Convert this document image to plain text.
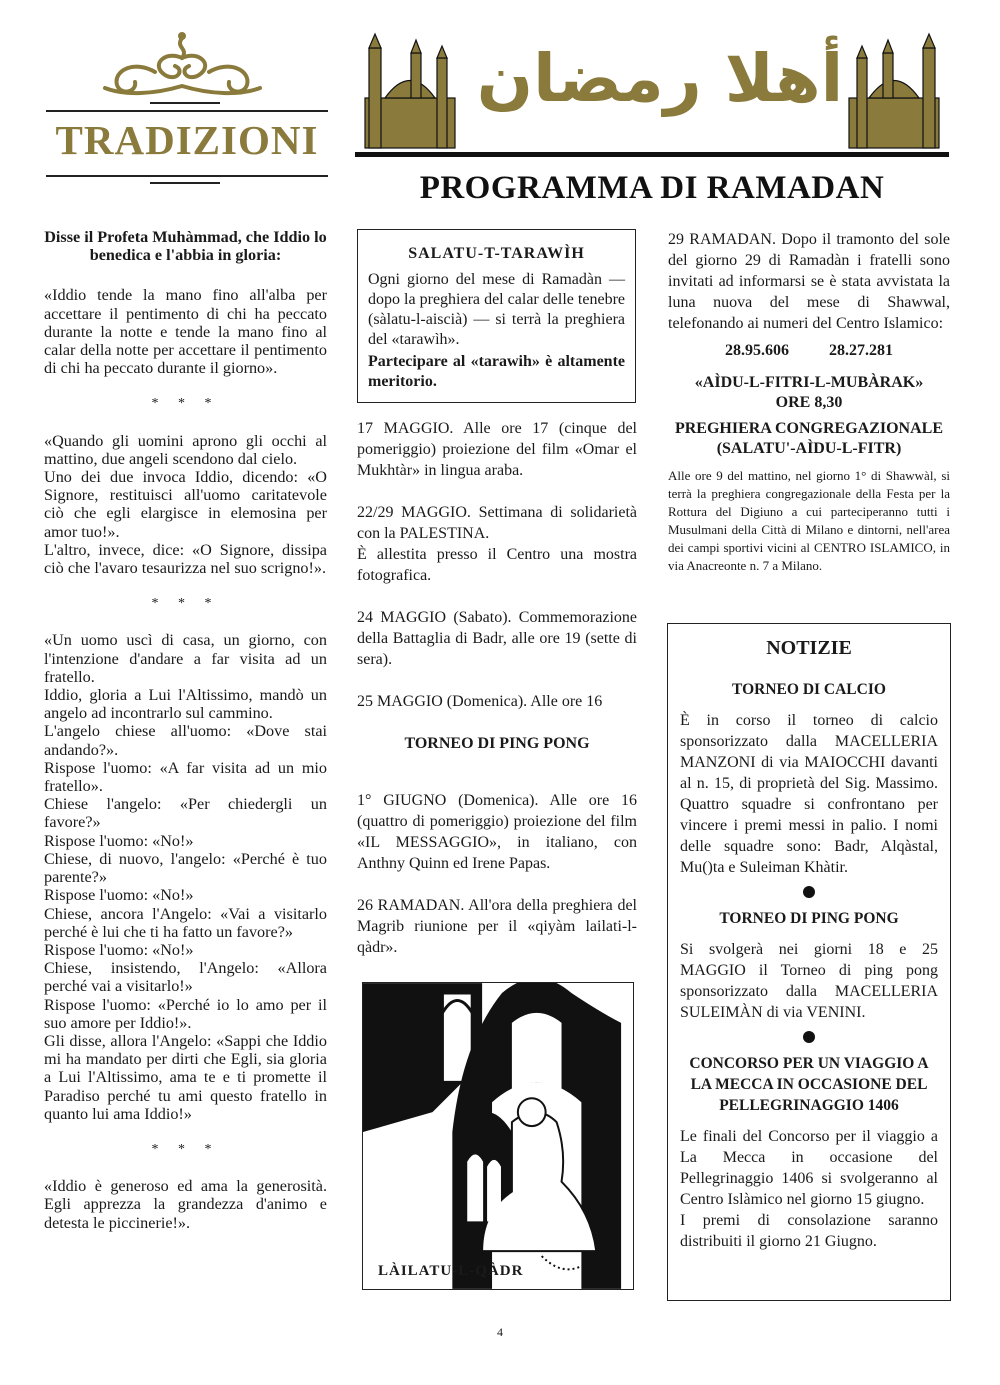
TRADIZIONI

Disse il Profeta Muhàmmad, che Iddio lo benedica e l'abbia in gloria:

«Iddio tende la mano fino all'alba per accettare il pentimento di chi ha peccato durante la notte e tende la mano fino al calar della notte per accettare il pentimento di chi ha peccato durante il giorno».

* * *

«Quando gli uomini aprono gli occhi al mattino, due angeli scendono dal cielo.

Uno dei due invoca Iddio, dicendo: «O Signore, restituisci all'uomo caritatevole ciò che egli elargisce in elemosina per amor tuo!».

L'altro, invece, dice: «O Signore, dissipa ciò che l'avaro tesaurizza nel suo scrigno!».

* * *

«Un uomo uscì di casa, un giorno, con l'intenzione d'andare a far visita ad un fratello.

Iddio, gloria a Lui l'Altissimo, mandò un angelo ad incontrarlo sul cammino.

L'angelo chiese all'uomo: «Dove stai andando?».

Rispose l'uomo: «A far visita ad un mio fratello».

Chiese l'angelo: «Per chiedergli un favore?»

Rispose l'uomo: «No!»

Chiese, di nuovo, l'angelo: «Perché è tuo parente?»

Rispose l'uomo: «No!»

Chiese, ancora l'Angelo: «Vai a visitarlo perché è lui che ti ha fatto un favore?»

Rispose l'uomo: «No!»

Chiese, insistendo, l'Angelo: «Allora perché vai a visitarlo!»

Rispose l'uomo: «Perché io lo amo per il suo amore per Iddio!».

Gli disse, allora l'Angelo: «Sappi che Iddio mi ha mandato per dirti che Egli, sia gloria a Lui l'Altissimo, ama te e ti promette il Paradiso perché tu ami questo fratello in quanto lui ama Iddio!»

* * *

«Iddio è generoso ed ama la generosità. Egli apprezza la grandezza d'animo e detesta le piccinerie!».

أهلا رمضان
PROGRAMMA DI RAMADAN
SALATU-T-TARAWÌH
Ogni giorno del mese di Ramadàn — dopo la preghiera del calar delle tenebre (sàlatu-l-aiscià) — si terrà la preghiera del «tarawìh».
Partecipare al «tarawih» è altamente meritorio.

17 MAGGIO. Alle ore 17 (cinque del pomeriggio) proiezione del film «Omar el Mukhtàr» in lingua araba.

22/29 MAGGIO. Settimana di solidarietà con la PALESTINA.

È allestita presso il Centro una mostra fotografica.

24 MAGGIO (Sabato). Commemorazione della Battaglia di Badr, alle ore 19 (sette di sera).

25 MAGGIO (Domenica). Alle ore 16

TORNEO DI PING PONG

1° GIUGNO (Domenica). Alle ore 16 (quattro di pomeriggio) proiezione del film «IL MESSAGGIO», in italiano, con Anthny Quinn ed Irene Papas.

26 RAMADAN. All'ora della preghiera del Magrib riunione per il «qiyàm lailati-l-qàdr».

LÀILATU-L-QÀDR

29 RAMADAN. Dopo il tramonto del sole del giorno 29 di Ramadàn i fratelli sono invitati ad informarsi se è stata avvistata la luna nuova del mese di Shawwal, telefonando ai numeri del Centro Islamico:

28.95.606	28.27.281
«AÌDU-L-FITRI-L-MUBÀRAK»
ORE 8,30
PREGHIERA CONGREGAZIONALE (SALATU'-AÌDU-L-FITR)

Alle ore 9 del mattino, nel giorno 1° di Shawwàl, si terrà la preghiera congregazionale della Festa per la Rottura del Digiuno a cui parteciperanno tutti i Musulmani della Città di Milano e dintorni, nell'area dei campi sportivi vicini al CENTRO ISLAMICO, in via Anacreonte n. 7 a Milano.

NOTIZIE
TORNEO DI CALCIO

È in corso il torneo di calcio sponsorizzato dalla MACELLERIA MANZONI di via MAIOCCHI davanti al n. 15, di proprietà del Sig. Massimo. Quattro squadre si confrontano per vincere i premi messi in palio. I nomi delle squadre sono: Badr, Alqàstal, Mu()ta e Suleiman Khàtir.

TORNEO DI PING PONG

Si svolgerà nei giorni 18 e 25 MAGGIO il Torneo di ping pong sponsorizzato dalla MACELLERIA SULEIMÀN di via VENINI.

CONCORSO PER UN VIAGGIO A LA MECCA IN OCCASIONE DEL PELLEGRINAGGIO 1406

Le finali del Concorso per il viaggio a La Mecca in occasione del Pellegrinaggio 1406 si svolgeranno al Centro Islàmico nel giorno 15 giugno.

I premi di consolazione saranno distribuiti il giorno 21 Giugno.

4
